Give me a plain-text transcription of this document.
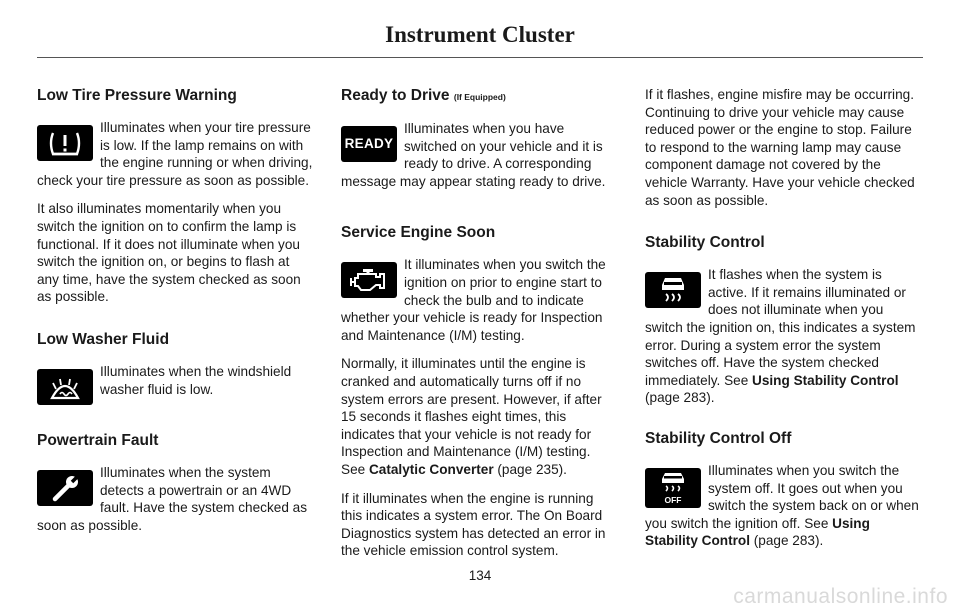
Instrument Cluster
Low Tire Pressure Warning

Illuminates when your tire pressure is low. If the lamp remains on with the engine running or when driving, check your tire pressure as soon as possible.

It also illuminates momentarily when you switch the ignition on to confirm the lamp is functional. If it does not illuminate when you switch the ignition on, or begins to flash at any time, have the system checked as soon as possible.

Low Washer Fluid

Illuminates when the windshield washer fluid is low.

Powertrain Fault

Illuminates when the system detects a powertrain or an 4WD fault. Have the system checked as soon as possible.

Ready to Drive (If Equipped)
READY

Illuminates when you have switched on your vehicle and it is ready to drive. A corresponding message may appear stating ready to drive.

Service Engine Soon

It illuminates when you switch the ignition on prior to engine start to check the bulb and to indicate whether your vehicle is ready for Inspection and Maintenance (I/M) testing.

Normally, it illuminates until the engine is cranked and automatically turns off if no system errors are present. However, if after 15 seconds it flashes eight times, this indicates that your vehicle is not ready for Inspection and Maintenance (I/M) testing. See Catalytic Converter (page 235).

If it illuminates when the engine is running this indicates a system error. The On Board Diagnostics system has detected an error in the vehicle emission control system.

If it flashes, engine misfire may be occurring. Continuing to drive your vehicle may cause reduced power or the engine to stop. Failure to respond to the warning lamp may cause component damage not covered by the vehicle Warranty. Have your vehicle checked as soon as possible.

Stability Control

It flashes when the system is active. If it remains illuminated or does not illuminate when you switch the ignition on, this indicates a system error. During a system error the system switches off. Have the system checked immediately. See Using Stability Control (page 283).

Stability Control Off
OFF

Illuminates when you switch the system off. It goes out when you switch the system back on or when you switch the ignition off. See Using Stability Control (page 283).

134
carmanualsonline.info
